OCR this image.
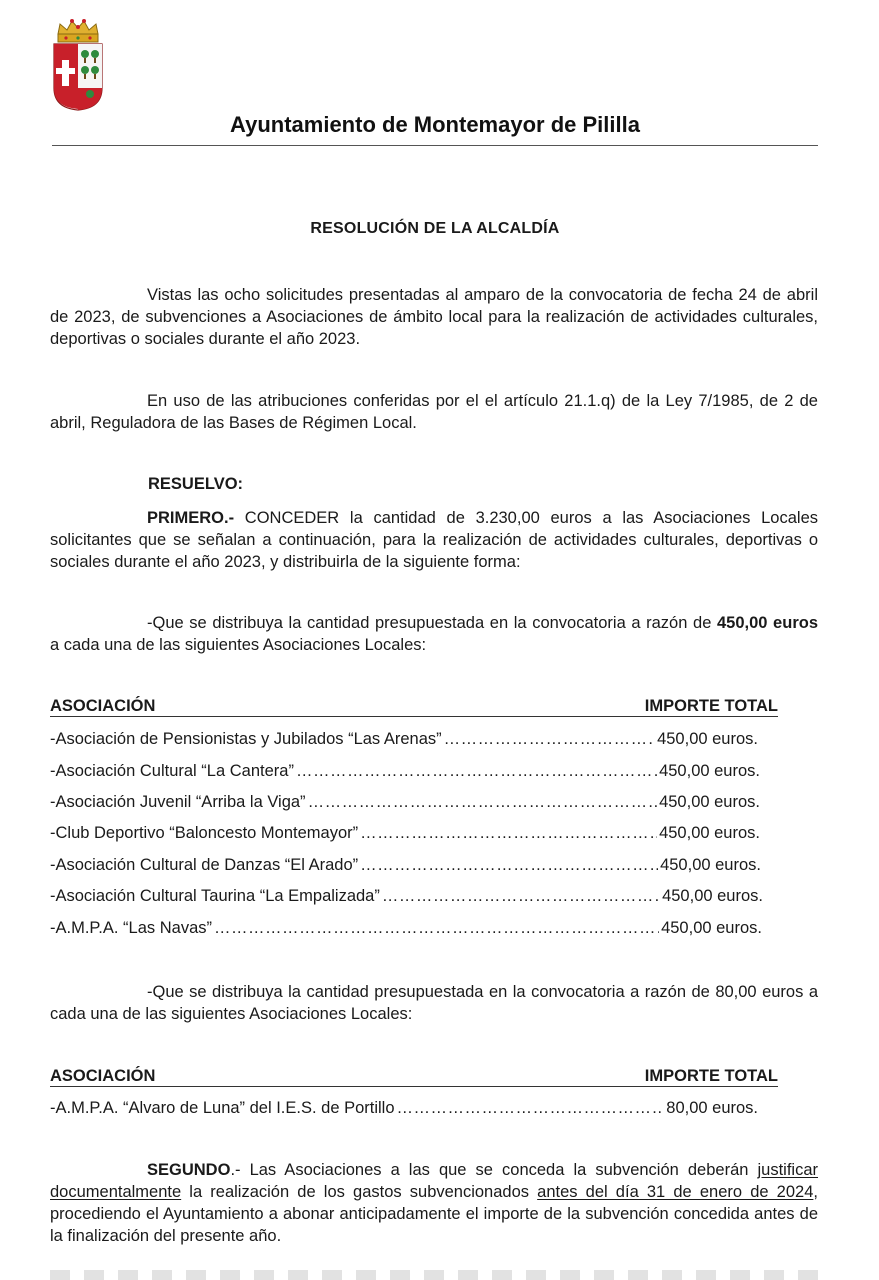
Ayuntamiento de Montemayor de Pililla
RESOLUCIÓN DE LA ALCALDÍA
Vistas las ocho solicitudes presentadas al amparo de la convocatoria de fecha 24 de abril de 2023, de subvenciones a Asociaciones de ámbito local para la realización de actividades culturales, deportivas o sociales durante el año 2023.
En uso de las atribuciones conferidas por el el artículo 21.1.q) de la Ley 7/1985, de 2 de abril, Reguladora de las Bases de Régimen Local.
RESUELVO:
PRIMERO.- CONCEDER la cantidad de 3.230,00 euros a las Asociaciones Locales solicitantes que se señalan a continuación, para la realización de actividades culturales, deportivas o sociales durante el año 2023, y distribuirla de la siguiente forma:
-Que se distribuya la cantidad presupuestada en la convocatoria a razón de 450,00 euros a cada una de las siguientes Asociaciones Locales:
ASOCIACIÓN	IMPORTE TOTAL
-Asociación de Pensionistas y Jubilados “Las Arenas” ………………………………………………………………………………………………………………………………………	450,00 euros.
-Asociación Cultural “La Cantera” ………………………………………………………………………………………………………………………………………	450,00 euros.
-Asociación Juvenil “Arriba la Viga” ………………………………………………………………………………………………………………………………………	450,00 euros.
-Club Deportivo “Baloncesto Montemayor” ………………………………………………………………………………………………………………………………………	450,00 euros.
-Asociación Cultural de Danzas “El Arado” ………………………………………………………………………………………………………………………………………	450,00 euros.
-Asociación Cultural Taurina “La Empalizada” ………………………………………………………………………………………………………………………………………	450,00 euros.
-A.M.P.A. “Las Navas” ………………………………………………………………………………………………………………………………………	450,00 euros.
-Que se distribuya la cantidad presupuestada en la convocatoria a razón de 80,00 euros a cada una de las siguientes Asociaciones Locales:
ASOCIACIÓN	IMPORTE TOTAL
-A.M.P.A. “Alvaro de Luna” del I.E.S. de Portillo ………………………………………………………………………………………………………………………………………	80,00 euros.
SEGUNDO.- Las Asociaciones a las que se conceda la subvención deberán justificar documentalmente la realización de los gastos subvencionados antes del día 31 de enero de 2024, procediendo el Ayuntamiento a abonar anticipadamente el importe de la subvención concedida antes de la finalización del presente año.
